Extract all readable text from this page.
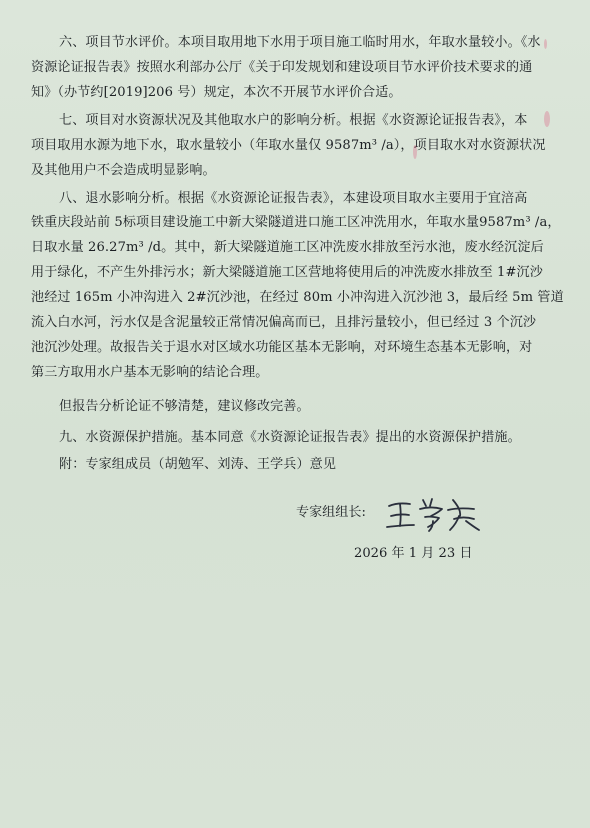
六、项目节水评价。本项目取用地下水用于项目施工临时用水，年取水量较小。《水
资源论证报告表》按照水利部办公厅《关于印发规划和建设项目节水评价技术要求的通
知》（办节约[2019]206 号）规定，本次不开展节水评价合适。
七、项目对水资源状况及其他取水户的影响分析。根据《水资源论证报告表》，本
项目取用水源为地下水，取水量较小（年取水量仅 9587m³ /a），项目取水对水资源状况
及其他用户不会造成明显影响。
八、退水影响分析。根据《水资源论证报告表》，本建设项目取水主要用于宜涪高
铁重庆段站前 5标项目建设施工中新大梁隧道进口施工区冲洗用水，年取水量9587m³ /a，
日取水量 26.27m³ /d。其中，新大梁隧道施工区冲洗废水排放至污水池，废水经沉淀后
用于绿化，不产生外排污水；新大梁隧道施工区营地将使用后的冲洗废水排放至 1#沉沙
池经过 165m 小冲沟进入 2#沉沙池，在经过 80m 小冲沟进入沉沙池 3，最后经 5m 管道
流入白水河，污水仅是含泥量较正常情况偏高而已，且排污量较小，但已经过 3 个沉沙
池沉沙处理。故报告关于退水对区域水功能区基本无影响，对环境生态基本无影响，对
第三方取用水户基本无影响的结论合理。
但报告分析论证不够清楚，建议修改完善。
九、水资源保护措施。基本同意《水资源论证报告表》提出的水资源保护措施。
附：专家组成员（胡勉军、刘涛、王学兵）意见
专家组组长:
王学兵
2026 年 1 月 23 日
